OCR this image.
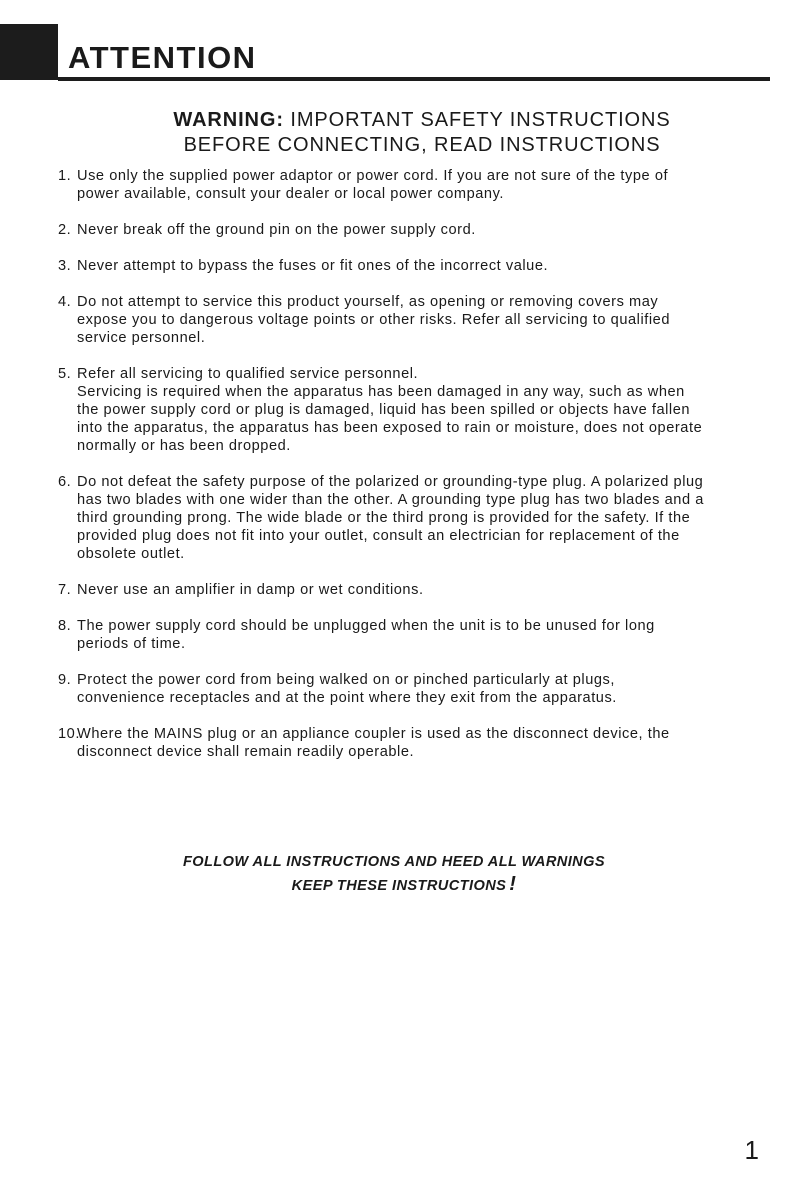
ATTENTION
WARNING: IMPORTANT SAFETY INSTRUCTIONS
BEFORE CONNECTING, READ INSTRUCTIONS
1. Use only the supplied power adaptor or power cord. If you are not sure of the type of
power available, consult your dealer or local power company.
2. Never break off the ground pin on the power supply cord.
3. Never attempt to bypass the fuses or fit ones of the incorrect value.
4. Do not attempt to service this product yourself, as opening or removing covers may
expose you to dangerous voltage points or other risks. Refer all servicing to qualified
service personnel.
5. Refer all servicing to qualified service personnel.
Servicing is required when the apparatus has been damaged in any way, such as when
the power supply cord or plug is damaged, liquid has been spilled or objects have fallen
into the apparatus, the apparatus has been exposed to rain or moisture, does not operate
normally or has been dropped.
6. Do not defeat the safety purpose of the polarized or grounding-type plug. A polarized plug
has two blades with one wider than the other. A grounding type plug has two blades and a
third grounding prong. The wide blade or the third prong is provided for the safety. If the
provided plug does not fit into your outlet, consult an electrician for replacement of the
obsolete outlet.
7. Never use an amplifier in damp or wet conditions.
8. The power supply cord should be unplugged when the unit is to be unused for long
periods of time.
9. Protect the power cord from being walked on or pinched particularly at plugs,
convenience receptacles and at the point where they exit from the apparatus.
10.
Where the MAINS plug or an appliance coupler is used as the disconnect device, the
disconnect device shall remain readily operable.
FOLLOW ALL INSTRUCTIONS AND HEED ALL WARNINGS
KEEP THESE INSTRUCTIONS !
1
